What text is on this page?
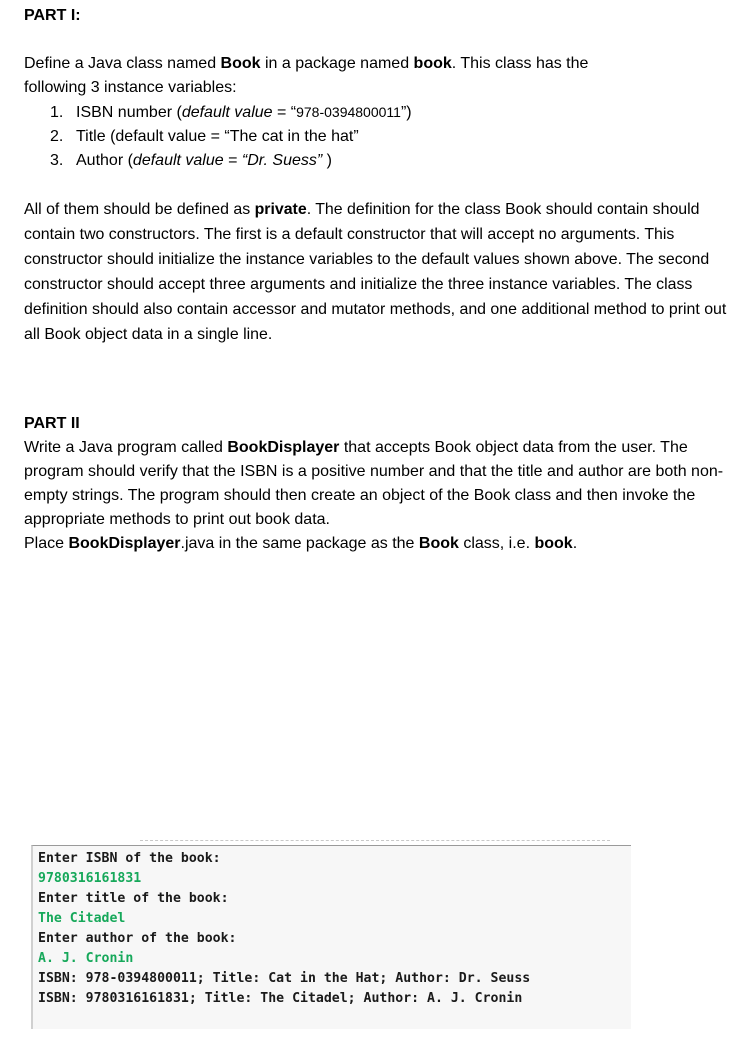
PART I:
Define a Java class named Book in a package named book. This class has the
following 3 instance variables:
1. ISBN number (default value = “978-0394800011”)
2. Title (default value = “The cat in the hat”
3. Author (default value = “Dr. Suess” )
All of them should be defined as private. The definition for the class Book should contain should contain two constructors. The first is a default constructor that will accept no arguments. This constructor should initialize the instance variables to the default values shown above. The second constructor should accept three arguments and initialize the three instance variables. The class definition should also contain accessor and mutator methods, and one additional method to print out all Book object data in a single line.
PART II
Write a Java program called BookDisplayer that accepts Book object data from the user. The program should verify that the ISBN is a positive number and that the title and author are both non-empty strings. The program should then create an object of the Book class and then invoke the appropriate methods to print out book data.
Place BookDisplayer.java in the same package as the Book class, i.e. book.
Enter ISBN of the book:
9780316161831
Enter title of the book:
The Citadel
Enter author of the book:
A. J. Cronin
ISBN: 978-0394800011; Title: Cat in the Hat; Author: Dr. Seuss
ISBN: 9780316161831; Title: The Citadel; Author: A. J. Cronin
